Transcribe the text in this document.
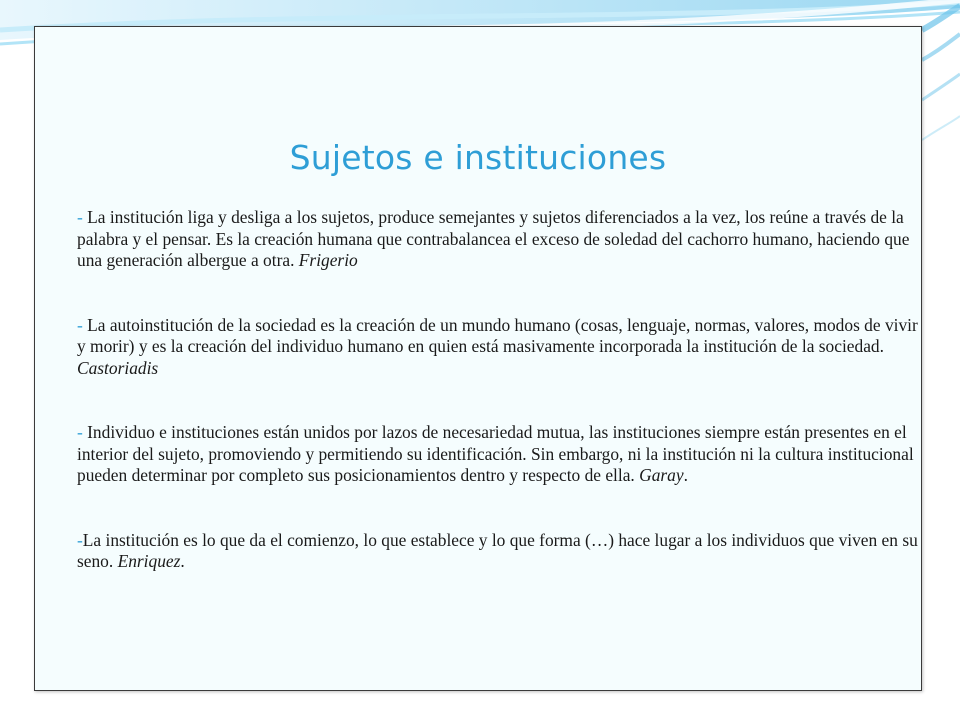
Sujetos e instituciones

- La institución liga y desliga a los sujetos, produce semejantes y sujetos diferenciados a la vez, los reúne a través de la palabra y el pensar. Es la creación humana que contrabalancea el exceso de soledad del cachorro humano, haciendo que una generación albergue a otra. Frigerio

- La autoinstitución de la sociedad es la creación de un mundo humano (cosas, lenguaje, normas, valores, modos de vivir y morir) y es la creación del individuo humano en quien está masivamente incorporada la institución de la sociedad. Castoriadis

- Individuo e instituciones están unidos por lazos de necesariedad mutua, las instituciones siempre están presentes en el interior del sujeto, promoviendo y permitiendo su identificación. Sin embargo, ni la institución ni la cultura institucional pueden determinar por completo sus posicionamientos dentro y respecto de ella. Garay.

-La institución es lo que da el comienzo, lo que establece y lo que forma (…) hace lugar a los individuos que viven en su seno. Enriquez.
